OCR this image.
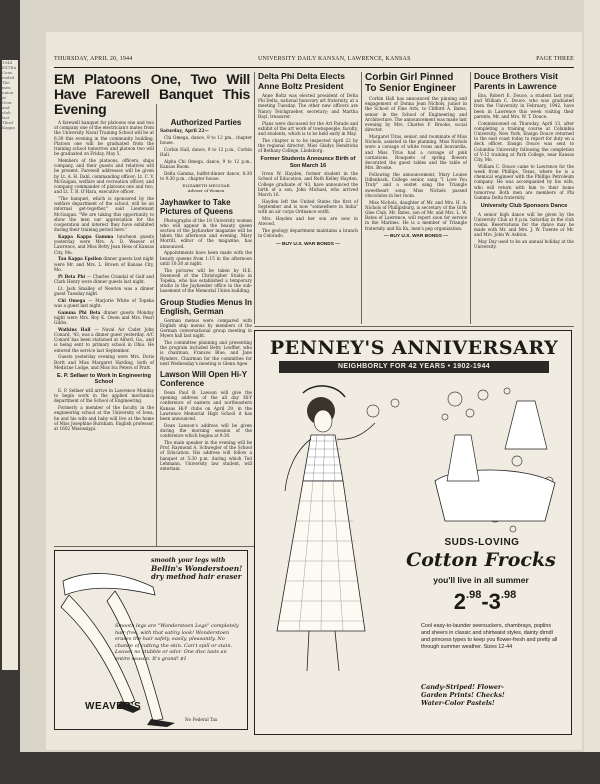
1944
EXTRA
Cons
ended
The
men
union
at
Geor
and
club
last
Third
Kappa
THURSDAY, APRIL 20, 1944	UNIVERSITY DAILY KANSAN, LAWRENCE, KANSAS	PAGE THREE
EM Platoons One, Two Will Have Farewell Banquet This Evening

A farewell banquet for platoons one and two of company one of the electrician's mates from the University Naval Training School will be at 6:30 this evening in the community building. Platoon one will be graduated from the training school tomorrow and platoon two will be graduated on Friday, May 5.

Members of the platoons, officers, ships company, and their guests and relatives will be present. Farewell addresses will be given by Lt. A. H. Dahl, commanding officer; Lt. C. V. McGuigan, welfare and recreation officer, and company commander of platoons one and two, and Lt. T. B. O'Hara, executive officer.

"The banquet, which is sponsored by the welfare department of the school, will be an informal get-together," said Lieutenant McGuigan. "We are taking this opportunity to show the men our appreciation for the cooperation and interest they have exhibited during their training period here."

Kappa Kappa Gamma luncheon guests yesterday were Mrs. A. D. Weaver of Lawrence, and Miss Betty Jean Hess of Kansas City, Mo.

Tau Kappa Epsilon dinner guests last night were Mr. and Mrs. L. Brown of Kansas City, Mo.

Pi Beta Phi — Charles Crandal of Gulf and Clark Henry were dinner guests last night.

Lt. Jack Smalley of Newton was a dinner guest Tuesday night.

Chi Omega — Marjorie White of Topeka was a guest last night.

Gamma Phi Beta dinner guests Monday night were Mrs. Roy K. Owen and Mrs. Pearl Gibbs.

Watkins Hall — Naval Air Cadet John Conard, '43, was a dinner guest yesterday. A/C Conard has been stationed at Alford, Ga., and is being sent to primary school in Ohio. He entered the service last September.

Guests yesterday evening were Mrs. Doris Bortt and Miss Margaret Harding, both of Medicine Lodge, and Miss Iva Peters of Pratt.

E. P. Sellaer to Work In Engineering School

E. P. Sellaer will arrive in Lawrence Monday to begin work in the applied mechanics department of the School of Engineering.

Formerly a member of the faculty in the engineering school at the University of Iowa, he and his wife and baby will live at the home of Miss Josephine Burnham, English professor, at 1602 Mississippi.

Authorized Parties
Saturday, April 22—

Chi Omega, dance, 9 to 12 pm., chapter house.

Corbin Hall, dance, 9 to 12 p.m., Corbin Hall.

Alpha Chi Omega, dance, 9 to 12 p.m., Kansas Room.

Delta Gamma, buffet-dinner dance, 6:30 to 9:30 p.m., chapter house.

ELIZABETH MEGUIAR
Adviser of Women
Jayhawker to Take Pictures of Queens

Photographs of the 18 University women who will appear in the beauty queen section of the Jayhawker magazine will be taken this afternoon and evening, Mary Morrill, editor of the magazine, has announced.

Appointments have been made with the beauty queens from 1:15 in the afternoon until 10:30 at night.

The pictures will be taken by H.E. Swenwell of the Christopher Studio in Topeka, who has established a temporary studio in the Jayhawker office in the sub-basement of the Memorial Union building.

Group Studies Menus In English, German

German menus were compared with English ship menus by members of the German conversational group meeting in Myers hall last night.

The committee planning and presenting the program included Betty Leoffler, who is chairman, Frances Blue, and Jane Rynders. Chairman for the committee for next Wednesday's meeting is Glenn Agee.

Lawson Will Open Hi-Y Conference

Dean Paul B. Lawson will give the opening address of the all day Hi-Y conference of eastern and northeastern Kansas Hi-Y clubs on April 29, in the Lawrence Memorial High School it has been announced.

Dean Lawson's address will be given during the morning session of the conference which begins at 9:30.

The main speaker in the evening will be Prof. Raymond A. Schwegler of the School of Education. His address will follow a banquet at 5:30 p.m. during which Ted Lehmann, University law student, will entertain.

Delta Phi Delta Elects Anne Boltz President

Anne Boltz was elected president of Delta Phi Delta, national honorary art fraternity, at a meeting Tuesday. The other new officers are Nancy Teichgraeber, secretary; and Martha Rayl, treasurer.

Plans were discussed for the Art Parade and exhibit of the art work of townspeople, faculty, and students, which is to be held early in May.

The chapter is to be inspected April 22 by the regional director, Miss Gladys Hendricks of Bethany College, Lindsborg.

Former Students Announce Birth of Son March 16

Irven W. Hayden, former student in the School of Education, and Ruth Kelley Hayden, College graduate of '43, have announced the birth of a son, John Michael, who arrived March 16.

Hayden left the United States the first of September and is now "somewhere in India" with an air corps Ordnance outfit.

Mrs. Hayden and her son are now in Atwood.

The geology department maintains a branch in Colorado.

— BUY U.S. WAR BONDS —
Corbin Girl Pinned To Senior Engineer

Corbin Hall has announced the pinning and engagement of Donna Jean Nichols, junior in the School of Fine Arts, to Clifford A. Bates, senior in the School of Engineering and Architecture. The announcement was made last evening by Mrs. Charles F. Brooke, social director.

Margaret Titus, senior, and roommate of Miss Nichols, assisted in the planning. Miss Nichols wore a corsage of white roses and bouvardia, and Miss Titus had a corsage of pink carnations. Bouquets of spring flowers decorated the guest tables and the table of Mrs. Brooke.

Following the announcement, Mary Louise Dillenback, College senior, sang "I Love You Truly" and a sextet sang the Triangle sweetheart song. Miss Nichols passed chocolates in her room.

Miss Nichols, daughter of Mr. and Mrs. H. A. Nichols of Phillipsburg, is secretary of the Girls Glee Club. Mr. Bates, son of Mr. and Mrs. L. W. Bates of Lawrence, will report soon for service in the Marines. He is a member of Triangle fraternity and Ku Ku, men's pep organization.

— BUY U.S. WAR BONDS —
Douce Brothers Visit Parents in Lawrence

Ens. Robert E. Douce, a student last year, and William C. Douce, who was graduated from the University in February, 1942, have been in Lawrence this week visiting their parents, Mr. and Mrs. W. T. Douce.

Commissioned on Thursday, April 13, after completing a training course at Columbia University, New York, Ensign Douce returned to the east coast today to report for duty on a deck officer. Ensign Douce was sent to Columbia University following the completion of V-12 training at Park College, near Kansas City, Mo.

William C. Douce came to Lawrence for the week from Phillips, Texas, where he is a chemical engineer with the Phillips Petroleum company. He was accompanied by his wife, who will return with him to their home tomorrow. Both men are members of Phi Gamma Delta fraternity.

University Club Sponsors Dance

A senior high dance will be given by the University Club at 8 p.m. Saturday in the club rooms. Reservations for the dance may be made with Mr. and Mrs. J. W. Twente or Mr. and Mrs. John W. Ashton.

May Day used to be an annual holiday at the University.

smooth your legs with
Bellin's Wonderstoen!
dry method hair eraser
Smooth legs are "Wonderstoen Legs" completely hair-free, with that satiny look! Wonderstoen erases the hair safely, easily, pleasantly. No chance of cutting the skin. Can't spill or stain. Leaves no stubble or odor. One disc lasts an entire season. It's grand! $1
WEAVER'S
No Federal Tax
PENNEY'S ANNIVERSARY
NEIGHBORLY FOR 42 YEARS • 1902-1944
SUDS-LOVING
Cotton Frocks
you'll live in all summer
$2^{.98}-3^{.98}$
Cool easy-to-launder seersuckers, chambrays, poplins and sheers in classic and shirtwaist styles, dainty dirndl and princess types to keep you flower-fresh and pretty all through summer weather. Sizes 12-44
Candy-Striped! Flower-
Garden Prints! Checks!
Water-Color Pastels!
